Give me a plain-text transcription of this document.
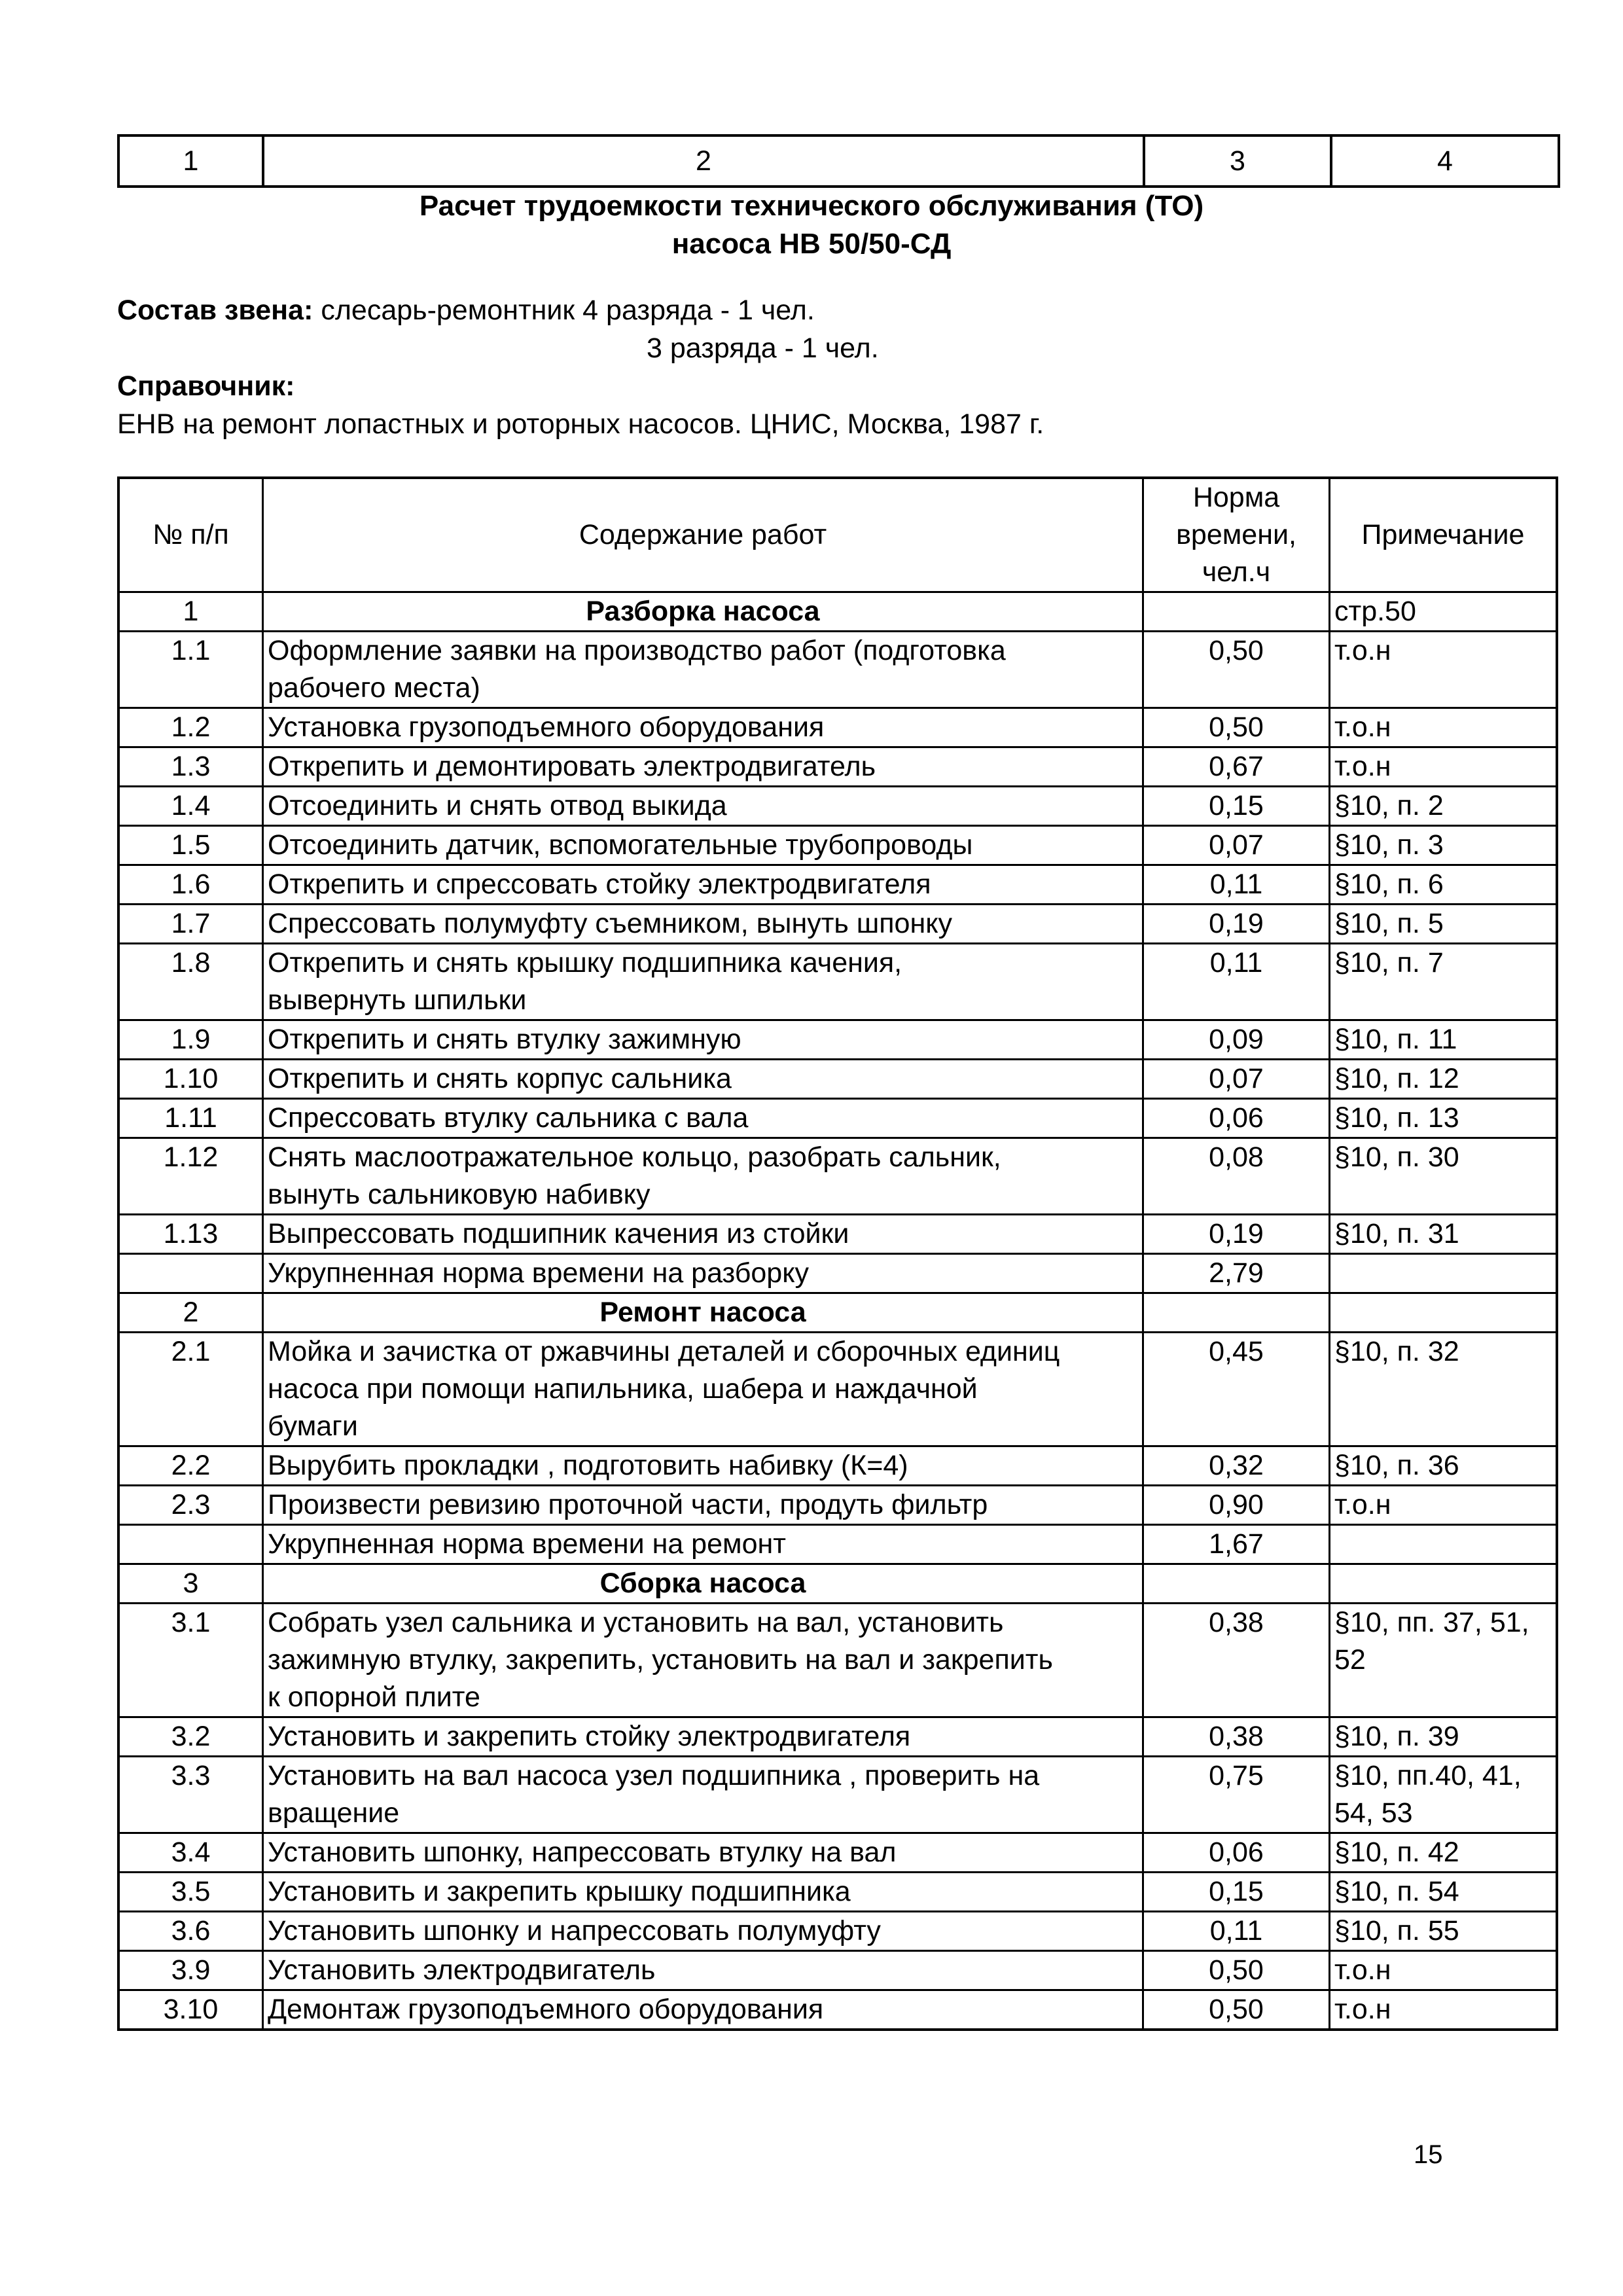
1	2	3	4
Расчет трудоемкости технического обслуживания (ТО)
насоса НВ 50/50-СД
Состав звена: слесарь-ремонтник 4 разряда - 1 чел.
3 разряда - 1 чел.
Справочник:
ЕНВ на ремонт лопастных и роторных насосов. ЦНИС, Москва, 1987 г.
№ п/п	Содержание работ	Норма
времени,
чел.ч	Примечание
1	Разборка насоса		стр.50
1.1	Оформление заявки на производство работ (подготовка
рабочего места)	0,50	т.о.н
1.2	Установка грузоподъемного оборудования	0,50	т.о.н
1.3	Открепить и демонтировать электродвигатель	0,67	т.о.н
1.4	Отсоединить и снять отвод выкида	0,15	§10, п. 2
1.5	Отсоединить датчик, вспомогательные трубопроводы	0,07	§10, п. 3
1.6	Открепить и спрессовать стойку электродвигателя	0,11	§10, п. 6
1.7	Спрессовать полумуфту съемником, вынуть шпонку	0,19	§10, п. 5
1.8	Открепить и снять крышку подшипника качения,
вывернуть шпильки	0,11	§10, п. 7
1.9	Открепить и снять втулку зажимную	0,09	§10, п. 11
1.10	Открепить и снять корпус сальника	0,07	§10, п. 12
1.11	Спрессовать втулку сальника с вала	0,06	§10, п. 13
1.12	Снять маслоотражательное кольцо, разобрать сальник,
вынуть сальниковую набивку	0,08	§10, п. 30
1.13	Выпрессовать подшипник качения из стойки	0,19	§10, п. 31
	Укрупненная норма времени на разборку	2,79	
2	Ремонт насоса		
2.1	Мойка и зачистка от ржавчины деталей и сборочных единиц
насоса при помощи напильника, шабера и наждачной
бумаги	0,45	§10, п. 32
2.2	Вырубить прокладки , подготовить набивку (К=4)	0,32	§10, п. 36
2.3	Произвести ревизию проточной части, продуть фильтр	0,90	т.о.н
	Укрупненная норма времени на ремонт	1,67	
3	Сборка насоса		
3.1	Собрать узел сальника и установить на вал, установить
зажимную втулку, закрепить, установить на вал и закрепить
к опорной плите	0,38	§10, пп. 37, 51,
52
3.2	Установить и закрепить стойку электродвигателя	0,38	§10, п. 39
3.3	Установить на вал насоса узел подшипника , проверить на
вращение	0,75	§10, пп.40, 41,
54, 53
3.4	Установить шпонку, напрессовать втулку на вал	0,06	§10, п. 42
3.5	Установить и закрепить крышку подшипника	0,15	§10, п. 54
3.6	Установить шпонку и напрессовать полумуфту	0,11	§10, п. 55
3.9	Установить электродвигатель	0,50	т.о.н
3.10	Демонтаж грузоподъемного оборудования	0,50	т.о.н
15
